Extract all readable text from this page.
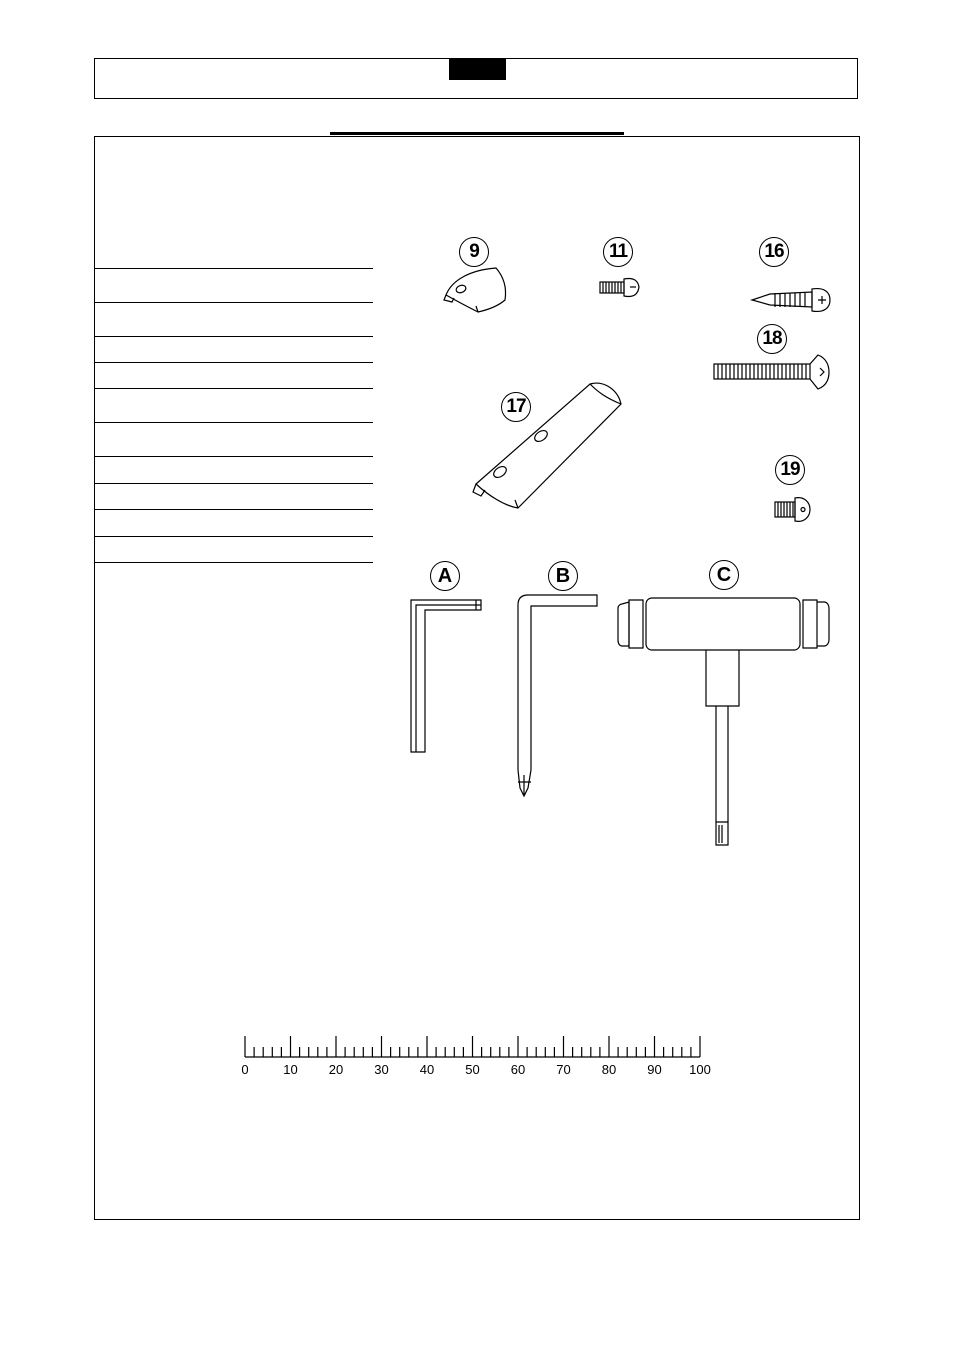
9	11	16
18
17
19
A	B	C
0	10 20 30 40 50 60 70 80 90 100
